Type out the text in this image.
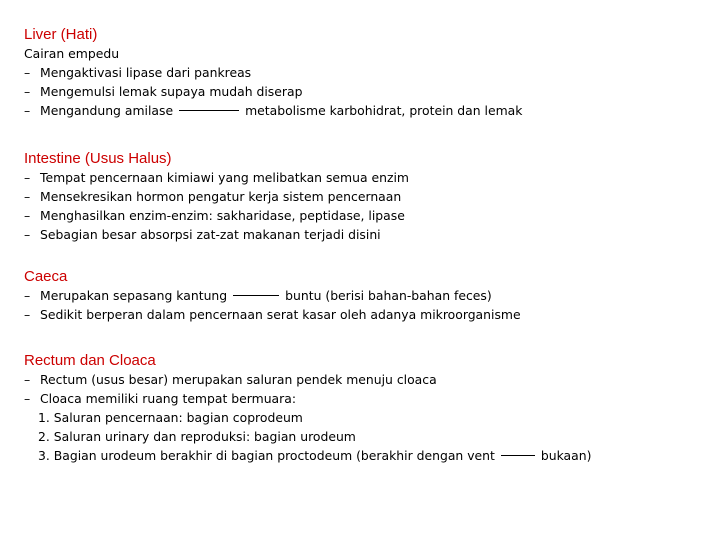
Liver (Hati)
Cairan empedu
– Mengaktivasi lipase dari pankreas
– Mengemulsi lemak supaya mudah diserap
– Mengandung amilase	metabolisme karbohidrat, protein dan lemak
Intestine (Usus Halus)
– Tempat pencernaan kimiawi yang melibatkan semua enzim
– Mensekresikan hormon pengatur kerja sistem pencernaan
– Menghasilkan enzim-enzim: sakharidase, peptidase, lipase
– Sebagian besar absorpsi zat-zat makanan terjadi disini
Caeca
– Merupakan sepasang kantung	buntu (berisi bahan-bahan feces)
– Sedikit berperan dalam pencernaan serat kasar oleh adanya mikroorganisme
Rectum dan Cloaca
– Rectum (usus besar) merupakan saluran pendek menuju cloaca
– Cloaca memiliki ruang tempat bermuara:
1. Saluran pencernaan: bagian coprodeum
2. Saluran urinary dan reproduksi: bagian urodeum
3. Bagian urodeum berakhir di bagian proctodeum (berakhir dengan vent	bukaan)
